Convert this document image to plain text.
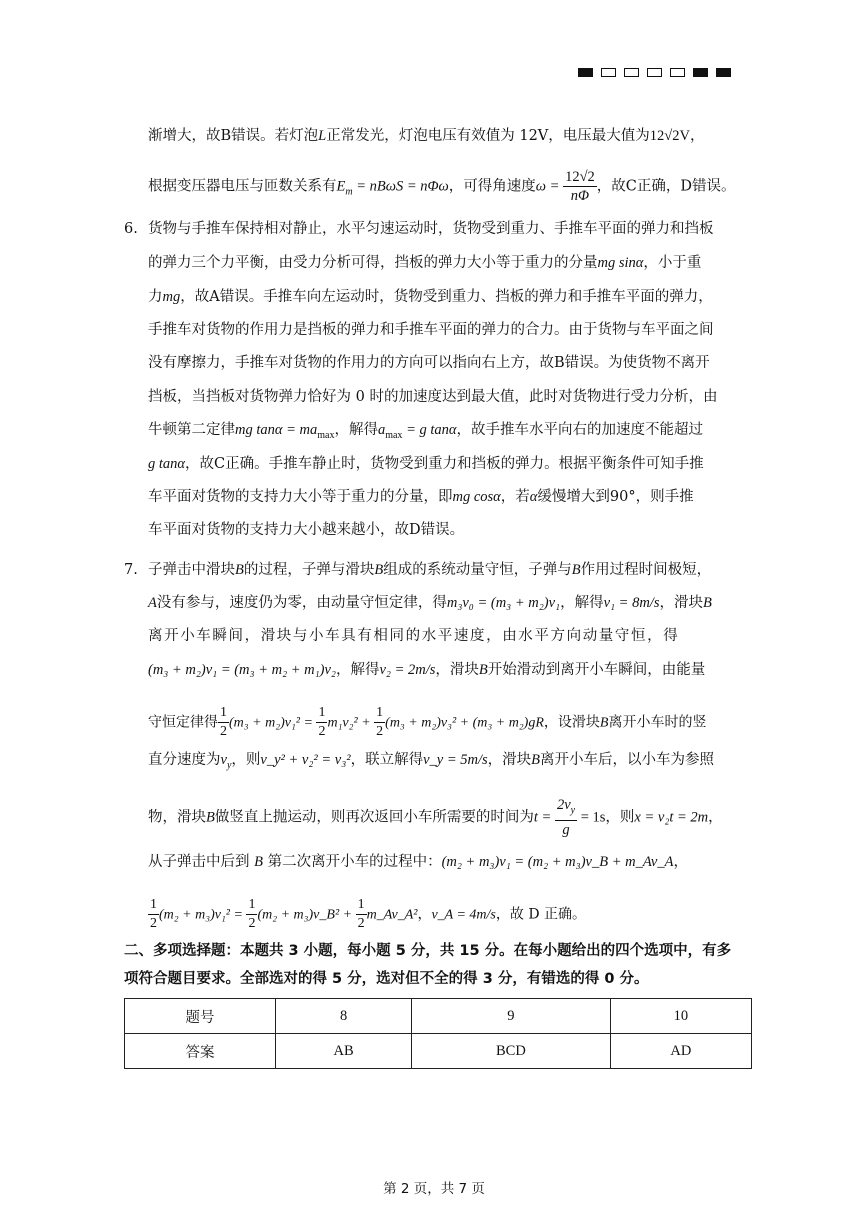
渐增大，故B错误。若灯泡L正常发光，灯泡电压有效值为 12V，电压最大值为12√2V，
根据变压器电压与匝数关系有$E_m = nB\omega S = n\Phi\omega$，可得角速度$\omega = \frac{12√2}{n\Phi}$ ，故C正确，D错误。
6. 货物与手推车保持相对静止，水平匀速运动时，货物受到重力、手推车平面的弹力和挡板
的弹力三个力平衡，由受力分析可得，挡板的弹力大小等于重力的分量mg sinα，小于重
力mg，故A错误。手推车向左运动时，货物受到重力、挡板的弹力和手推车平面的弹力，
手推车对货物的作用力是挡板的弹力和手推车平面的弹力的合力。由于货物与车平面之间
没有摩擦力，手推车对货物的作用力的方向可以指向右上方，故B错误。为使货物不离开
挡板，当挡板对货物弹力恰好为 0 时的加速度达到最大值，此时对货物进行受力分析，由
牛顿第二定律mg $\tan\alpha = ma_{max}$，解得$a_{max} = g$ tanα，故手推车水平向右的加速度不能超过
g tanα，故C正确。手推车静止时，货物受到重力和挡板的弹力。根据平衡条件可知手推
车平面对货物的支持力大小等于重力的分量，即mg cosα，若α缓慢增大到90°，则手推
车平面对货物的支持力大小越来越小，故D错误。
7. 子弹击中滑块B的过程，子弹与滑块B组成的系统动量守恒，子弹与B作用过程时间极短，
A没有参与，速度仍为零，由动量守恒定律，得m₃v₀ = (m₃ + m₂)v₁，解得v₁ = 8m/s，滑块B
离开小车瞬间，滑块与小车具有相同的水平速度，由水平方向动量守恒，得
(m₃ + m₂)v₁ = (m₃ + m₂ + m₁)v₂，解得v₂ = 2m/s，滑块B开始滑动到离开小车瞬间，由能量
守恒定律得 $\frac{1}{2} (m_3 + m_2)v_1^2 = \frac{1}{2} m_1v_2^2 + \frac{1}{2} (m_3 + m_2)v_3^2 + (m_3 + m_2)gR$，设滑块B离开小车时的竖
直分速度为$v_y$，则v_y² + v₂² = v₃²，联立解得v_y = 5m/s，滑块B离开小车后，以小车为参照
物，滑块B做竖直上抛运动，则再次返回小车所需要的时间为$t = \frac{2v_y}{g} = 1s$，则x = v₂t = 2m，
从子弹击中后到 B 第二次离开小车的过程中：(m₂ + m₃)v₁ = (m₂ + m₃)v_B + m_Av_A，
$\frac{1}{2} (m_2 + m_3)v_1^2 = \frac{1}{2} (m_2$ + m₃)v_B² + $\frac{1}{2}$ m_Av_A²，v_A = 4m/s，故 D 正确。
二、多项选择题：本题共 3 小题，每小题 5 分，共 15 分。在每小题给出的四个选项中，有多
项符合题目要求。全部选对的得 5 分，选对但不全的得 3 分，有错选的得 0 分。
题号	8	9	10
答案	AB	BCD	AD
第 2 页，共 7 页
